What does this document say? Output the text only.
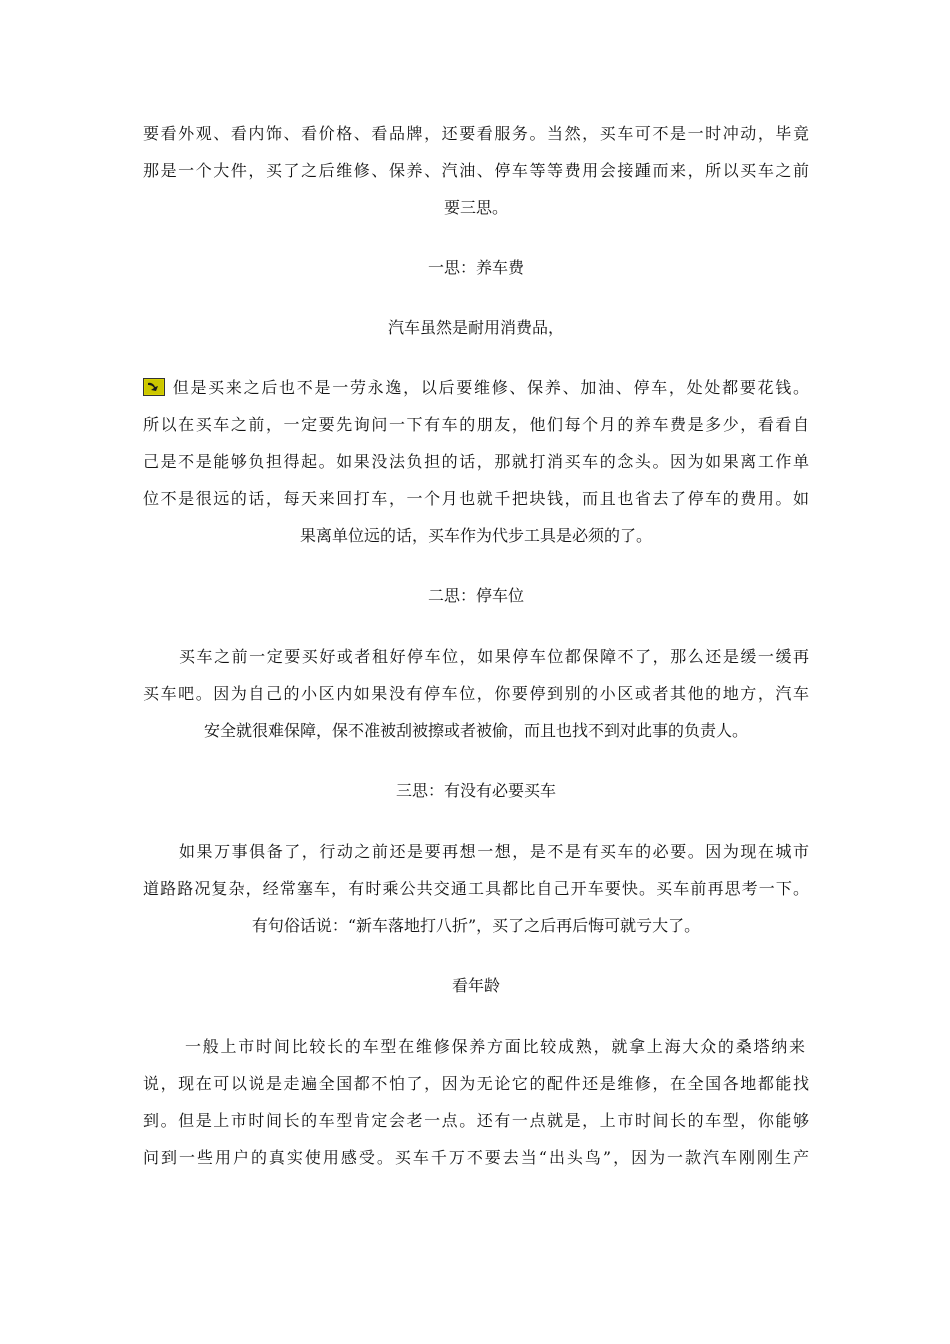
要看外观、看内饰、看价格、看品牌，还要看服务。当然，买车可不是一时冲动，毕竟
那是一个大件，买了之后维修、保养、汽油、停车等等费用会接踵而来，所以买车之前
要三思。
一思：养车费
汽车虽然是耐用消费品，
但是买来之后也不是一劳永逸，以后要维修、保养、加油、停车，处处都要花钱。
所以在买车之前，一定要先询问一下有车的朋友，他们每个月的养车费是多少，看看自
己是不是能够负担得起。如果没法负担的话，那就打消买车的念头。因为如果离工作单
位不是很远的话，每天来回打车，一个月也就千把块钱，而且也省去了停车的费用。如
果离单位远的话，买车作为代步工具是必须的了。
二思：停车位
买车之前一定要买好或者租好停车位，如果停车位都保障不了，那么还是缓一缓再
买车吧。因为自己的小区内如果没有停车位，你要停到别的小区或者其他的地方，汽车
安全就很难保障，保不准被刮被擦或者被偷，而且也找不到对此事的负责人。
三思：有没有必要买车
如果万事俱备了，行动之前还是要再想一想，是不是有买车的必要。因为现在城市
道路路况复杂，经常塞车，有时乘公共交通工具都比自己开车要快。买车前再思考一下。
有句俗话说：“新车落地打八折”，买了之后再后悔可就亏大了。
看年龄
一般上市时间比较长的车型在维修保养方面比较成熟，就拿上海大众的桑塔纳来
说，现在可以说是走遍全国都不怕了，因为无论它的配件还是维修，在全国各地都能找
到。但是上市时间长的车型肯定会老一点。还有一点就是，上市时间长的车型，你能够
问到一些用户的真实使用感受。买车千万不要去当“出头鸟”，因为一款汽车刚刚生产
